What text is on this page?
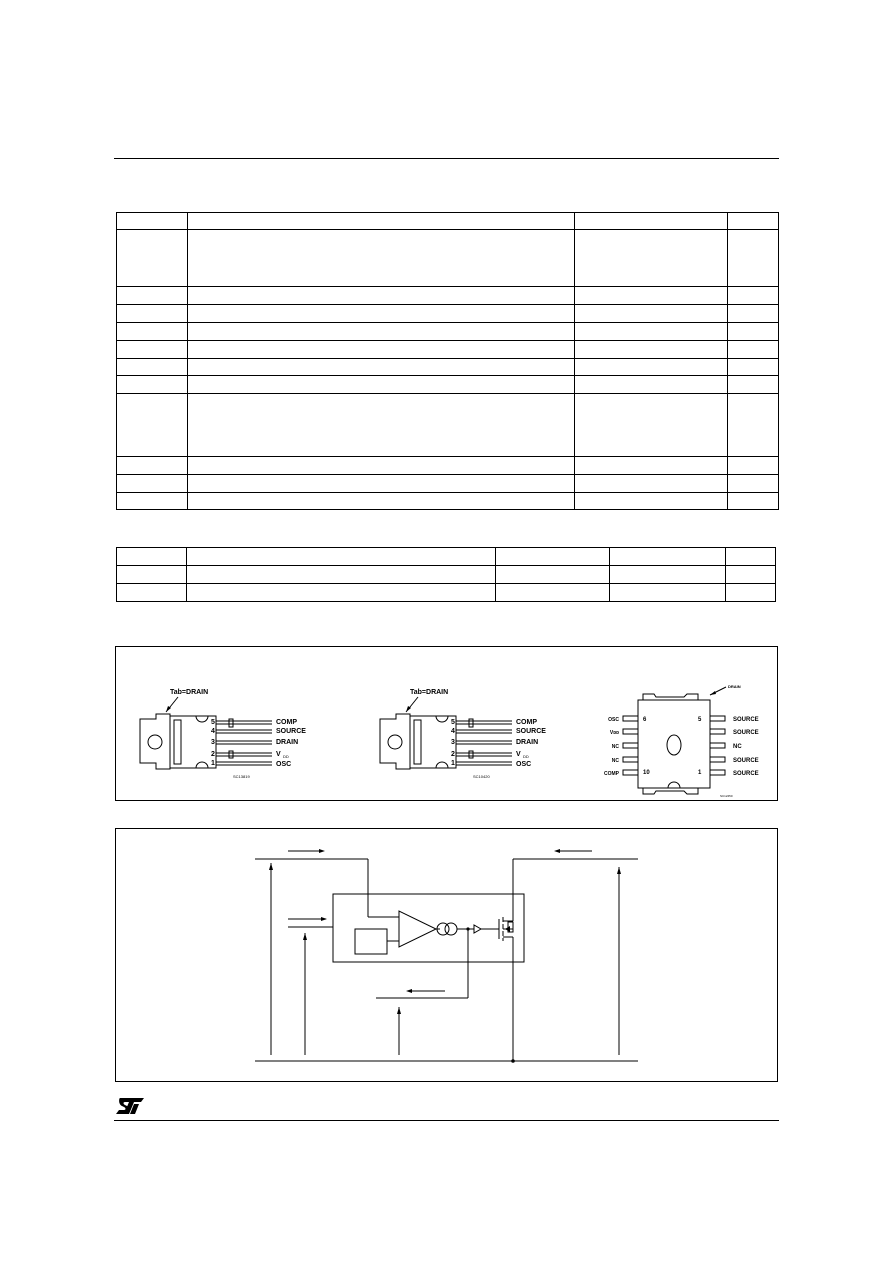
Tab=DRAIN
5
4
3
2
1
COMP
SOURCE
DRAIN
V DD
OSC
SC13819
Tab=DRAIN
5
4
3
2
1
COMP
SOURCE
DRAIN
V DD
OSC
SC10420
DRAIN
OSC
Vᴅᴅ
NC
NC
COMP
SOURCE
SOURCE
NC
SOURCE
SOURCE
6	5
10	1
SC12450
